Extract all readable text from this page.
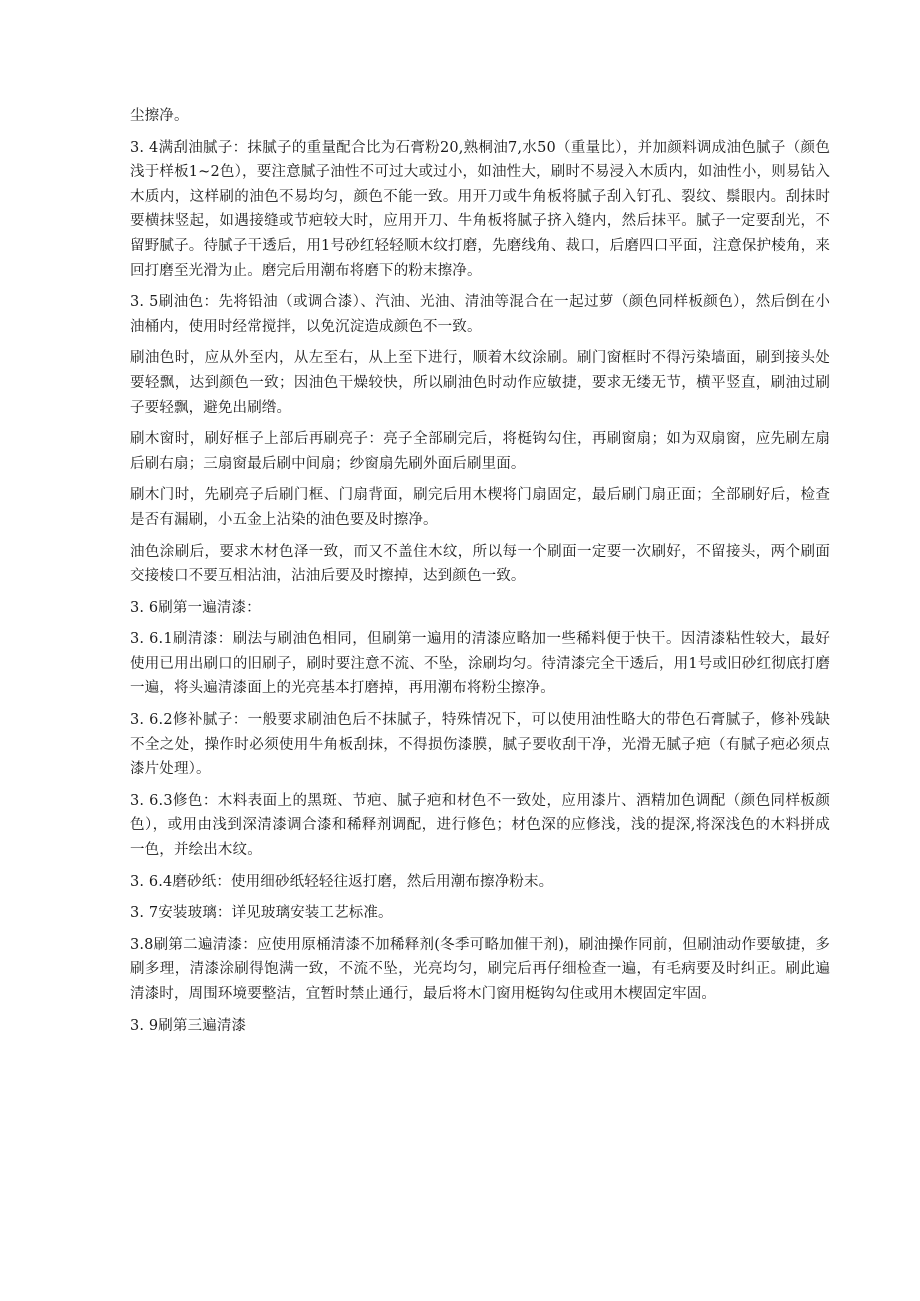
尘擦净。

3. 4满刮油腻子：抹腻子的重量配合比为石膏粉20,熟桐油7,水50（重量比），并加颜料调成油色腻子（颜色浅于样板1~2色），要注意腻子油性不可过大或过小，如油性大，刷时不易浸入木质内，如油性小，则易钻入木质内，这样刷的油色不易均匀，颜色不能一致。用开刀或牛角板将腻子刮入钉孔、裂纹、鬃眼内。刮抹时要横抹竖起，如遇接缝或节疤较大时，应用开刀、牛角板将腻子挤入缝内，然后抹平。腻子一定要刮光，不留野腻子。待腻子干透后，用1号砂红轻轻顺木纹打磨，先磨线角、裁口，后磨四口平面，注意保护棱角，来回打磨至光滑为止。磨完后用潮布将磨下的粉末擦净。

3. 5刷油色：先将铅油（或调合漆）、汽油、光油、清油等混合在一起过萝（颜色同样板颜色），然后倒在小油桶内，使用时经常搅拌，以免沉淀造成颜色不一致。

刷油色时，应从外至内，从左至右，从上至下进行，顺着木纹涂刷。刷门窗框时不得污染墙面，刷到接头处要轻飘，达到颜色一致；因油色干燥较快，所以刷油色时动作应敏捷，要求无缕无节，横平竖直，刷油过刷子要轻飘，避免出刷绺。

刷木窗时，刷好框子上部后再刷亮子：亮子全部刷完后，将梃钩勾住，再刷窗扇；如为双扇窗，应先刷左扇后刷右扇；三扇窗最后刷中间扇；纱窗扇先刷外面后刷里面。

刷木门时，先刷亮子后刷门框、门扇背面，刷完后用木楔将门扇固定，最后刷门扇正面；全部刷好后，检查是否有漏刷，小五金上沾染的油色要及时擦净。

油色涂刷后，要求木材色泽一致，而又不盖住木纹，所以每一个刷面一定要一次刷好，不留接头，两个刷面交接棱口不要互相沾油，沾油后要及时擦掉，达到颜色一致。

3. 6刷第一遍清漆：

3. 6.1刷清漆：刷法与刷油色相同，但刷第一遍用的清漆应略加一些稀料便于快干。因清漆粘性较大，最好使用已用出刷口的旧刷子，刷时要注意不流、不坠，涂刷均匀。待清漆完全干透后，用1号或旧砂红彻底打磨一遍，将头遍清漆面上的光亮基本打磨掉，再用潮布将粉尘擦净。

3. 6.2修补腻子：一般要求刷油色后不抹腻子，特殊情况下，可以使用油性略大的带色石膏腻子，修补残缺不全之处，操作时必须使用牛角板刮抹，不得损伤漆膜，腻子要收刮干净，光滑无腻子疤（有腻子疤必须点漆片处理）。

3. 6.3修色：木料表面上的黑斑、节疤、腻子疤和材色不一致处，应用漆片、酒精加色调配（颜色同样板颜色），或用由浅到深清漆调合漆和稀释剂调配，进行修色；材色深的应修浅，浅的提深,将深浅色的木料拼成一色，并绘出木纹。

3. 6.4磨砂纸：使用细砂纸轻轻往返打磨，然后用潮布擦净粉末。

3. 7安装玻璃：详见玻璃安装工艺标准。

3.8刷第二遍清漆：应使用原桶清漆不加稀释剂(冬季可略加催干剂)，刷油操作同前，但刷油动作要敏捷，多刷多理，清漆涂刷得饱满一致，不流不坠，光亮均匀，刷完后再仔细检查一遍，有毛病要及时纠正。刷此遍清漆时，周围环境要整洁，宜暂时禁止通行，最后将木门窗用梃钩勾住或用木楔固定牢固。

3. 9刷第三遍清漆
